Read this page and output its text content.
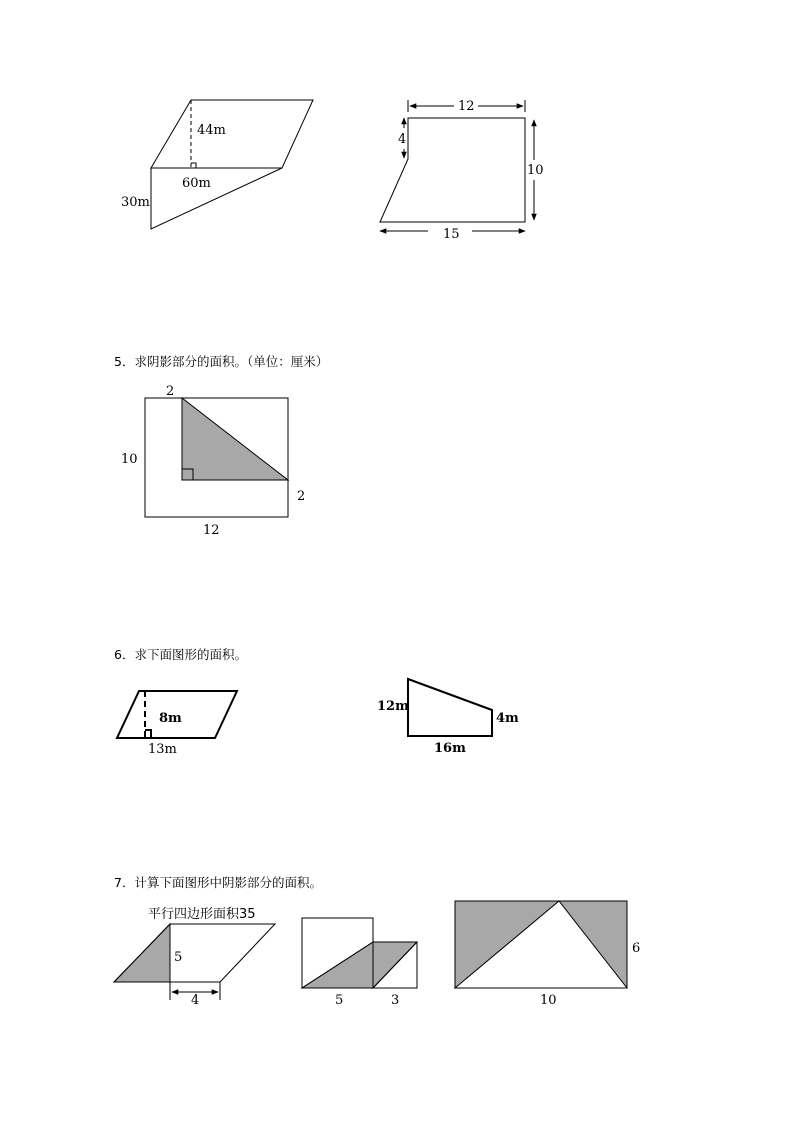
5．求阴影部分的面积。（单位：厘米）
6．求下面图形的面积。
7．计算下面图形中阴影部分的面积。
44m
60m
30m
12
4
10
15
2
10
2
12
8m
13m
12m
4m
16m
平行四边形面积35
5
4	5	3
6
10
